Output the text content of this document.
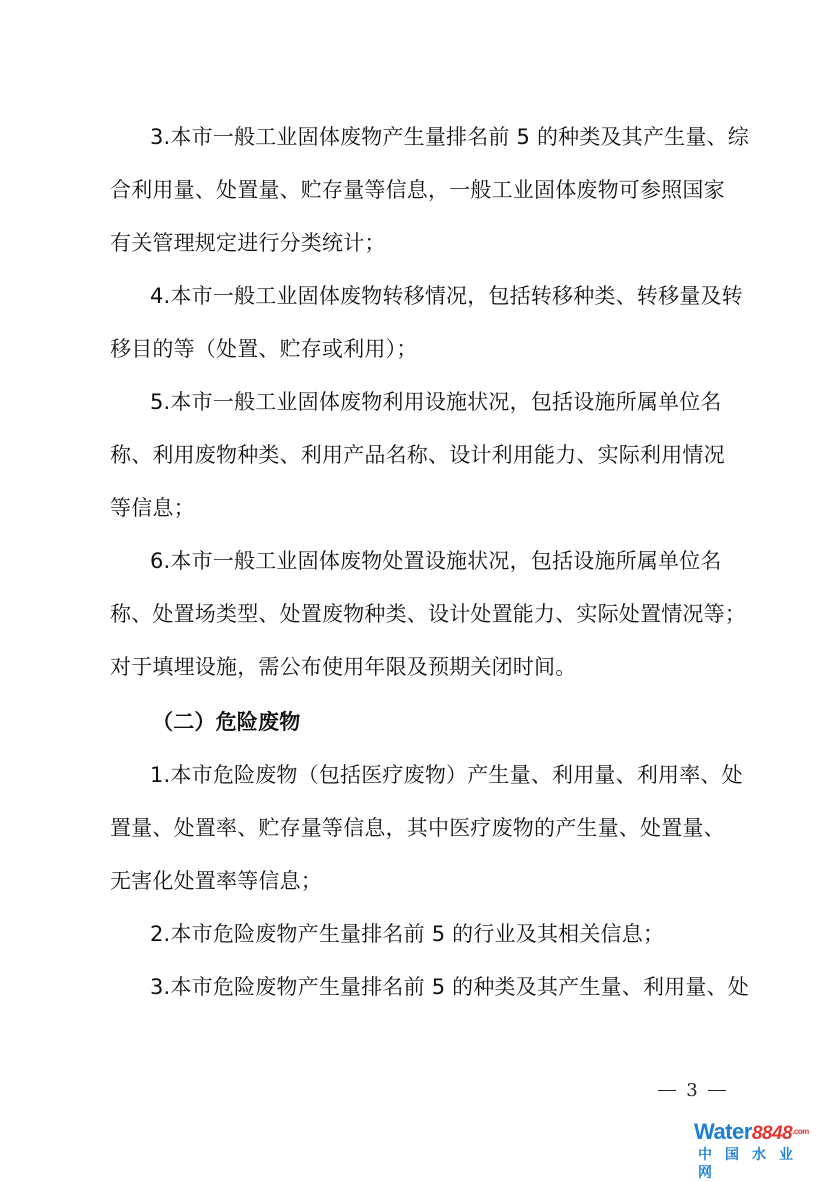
3.本市一般工业固体废物产生量排名前 5 的种类及其产生量、综
合利用量、处置量、贮存量等信息，一般工业固体废物可参照国家
有关管理规定进行分类统计；
4.本市一般工业固体废物转移情况，包括转移种类、转移量及转
移目的等（处置、贮存或利用）；
5.本市一般工业固体废物利用设施状况，包括设施所属单位名
称、利用废物种类、利用产品名称、设计利用能力、实际利用情况
等信息；
6.本市一般工业固体废物处置设施状况，包括设施所属单位名
称、处置场类型、处置废物种类、设计处置能力、实际处置情况等；
对于填埋设施，需公布使用年限及预期关闭时间。
（二）危险废物
1.本市危险废物（包括医疗废物）产生量、利用量、利用率、处
置量、处置率、贮存量等信息，其中医疗废物的产生量、处置量、
无害化处置率等信息；
2.本市危险废物产生量排名前 5 的行业及其相关信息；
3.本市危险废物产生量排名前 5 的种类及其产生量、利用量、处
3
$Water8848^{.com}$
中国水业网
